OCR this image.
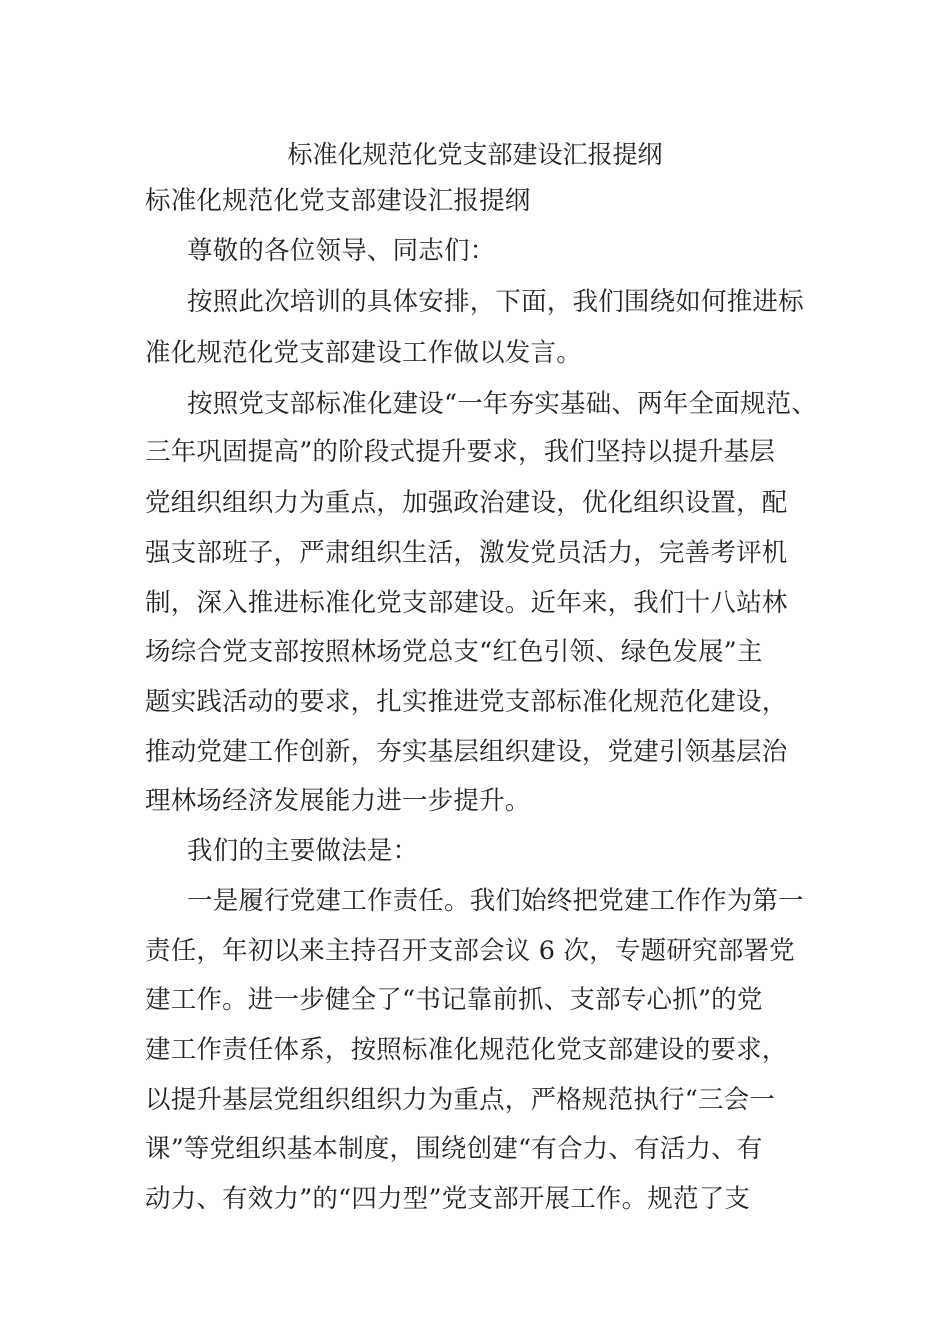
标准化规范化党支部建设汇报提纲
标准化规范化党支部建设汇报提纲
尊敬的各位领导、同志们：
按照此次培训的具体安排，下面，我们围绕如何推进标
准化规范化党支部建设工作做以发言。
按照党支部标准化建设“一年夯实基础、两年全面规范、
三年巩固提高”的阶段式提升要求，我们坚持以提升基层
党组织组织力为重点，加强政治建设，优化组织设置，配
强支部班子，严肃组织生活，激发党员活力，完善考评机
制，深入推进标准化党支部建设。近年来，我们十八站林
场综合党支部按照林场党总支“红色引领、绿色发展”主
题实践活动的要求，扎实推进党支部标准化规范化建设，
推动党建工作创新，夯实基层组织建设，党建引领基层治
理林场经济发展能力进一步提升。
我们的主要做法是：
一是履行党建工作责任。我们始终把党建工作作为第一
责任，年初以来主持召开支部会议 6 次，专题研究部署党
建工作。进一步健全了“书记靠前抓、支部专心抓”的党
建工作责任体系，按照标准化规范化党支部建设的要求，
以提升基层党组织组织力为重点，严格规范执行“三会一
课”等党组织基本制度，围绕创建“有合力、有活力、有
动力、有效力”的“四力型”党支部开展工作。规范了支
